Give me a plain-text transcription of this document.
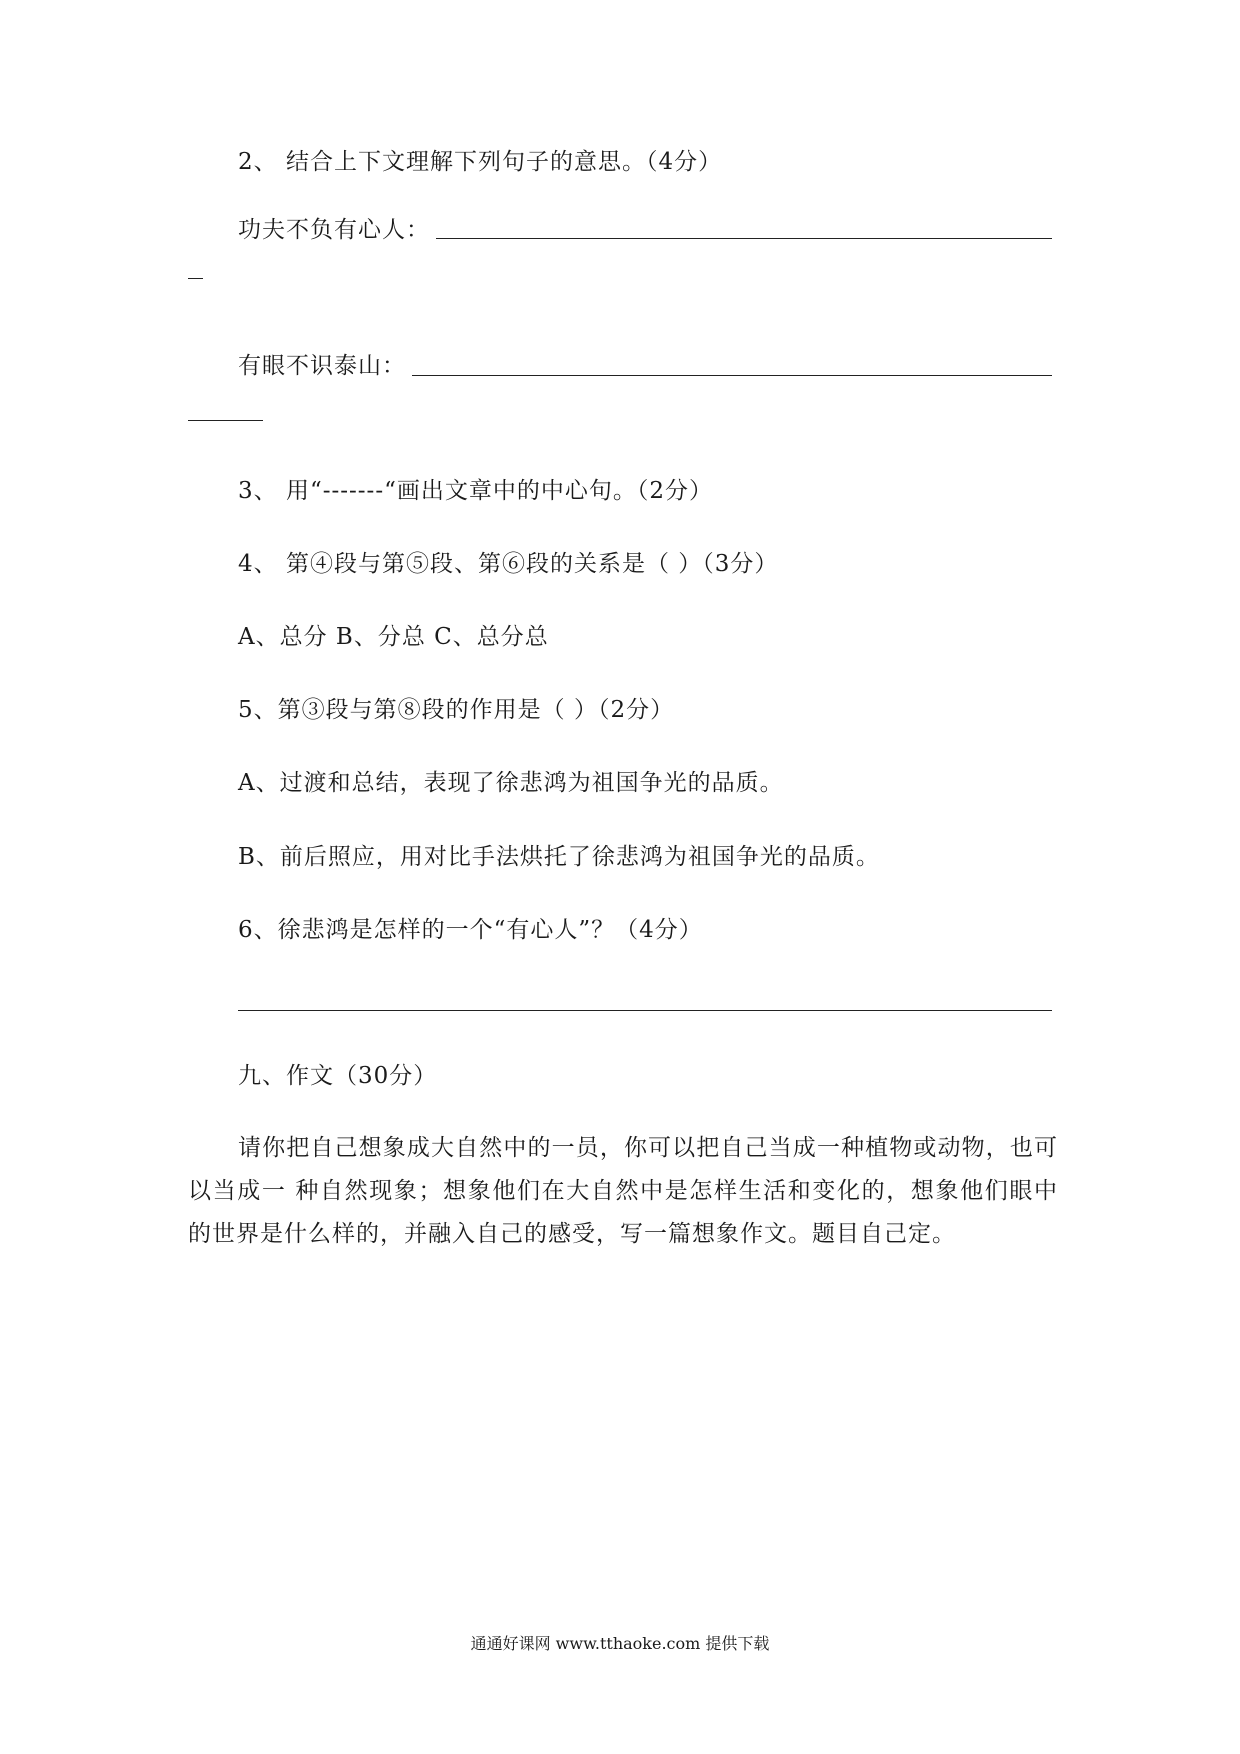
2、 结合上下文理解下列句子的意思。（4分）
功夫不负有心人：
有眼不识泰山：
3、 用“-------“画出文章中的中心句。（2分）
4、 第④段与第⑤段、第⑥段的关系是（ ）（3分）
A、总分 B、分总 C、总分总
5、第③段与第⑧段的作用是（ ）（2分）
A、过渡和总结，表现了徐悲鸿为祖国争光的品质。
B、前后照应，用对比手法烘托了徐悲鸿为祖国争光的品质。
6、徐悲鸿是怎样的一个“有心人”？（4分）
九、作文（30分）
请你把自己想象成大自然中的一员，你可以把自己当成一种植物或动物，也可以当成一 种自然现象；想象他们在大自然中是怎样生活和变化的，想象他们眼中的世界是什么样的，并融入自己的感受，写一篇想象作文。题目自己定。
通通好课网 www.tthaoke.com 提供下载
